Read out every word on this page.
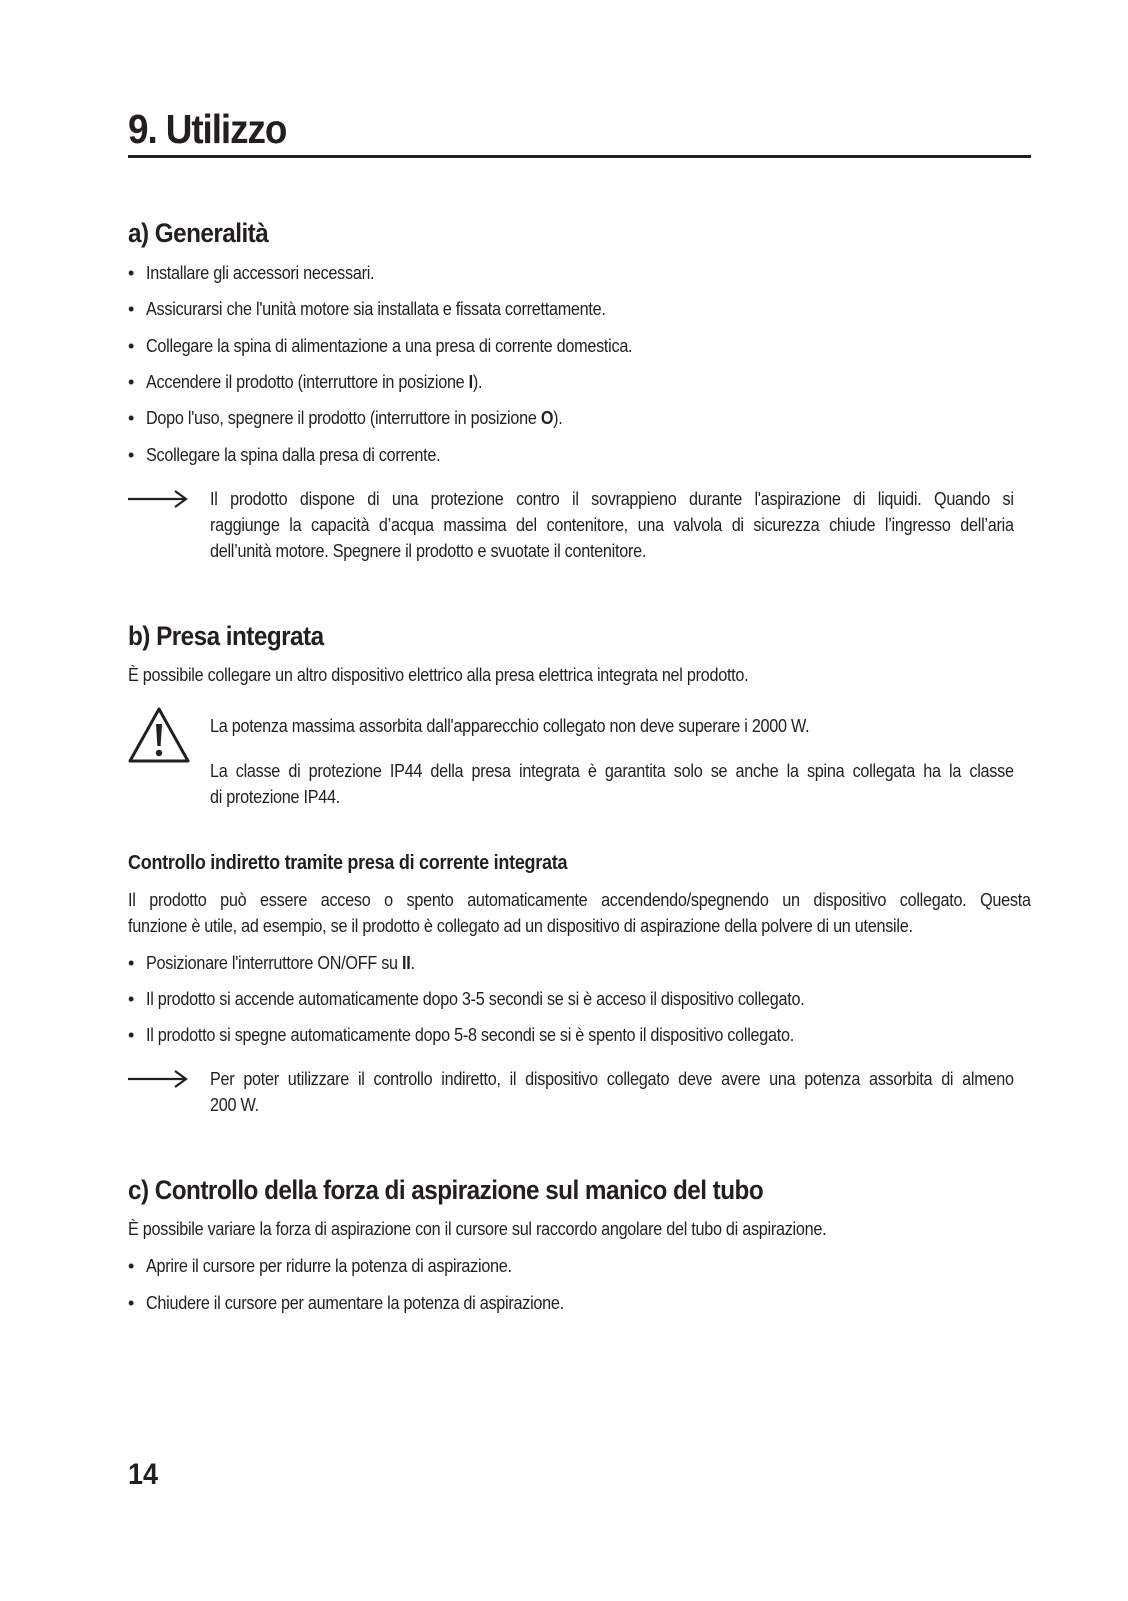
9. Utilizzo
a) Generalità
• Installare gli accessori necessari.
• Assicurarsi che l'unità motore sia installata e fissata correttamente.
• Collegare la spina di alimentazione a una presa di corrente domestica.
• Accendere il prodotto (interruttore in posizione I).
• Dopo l'uso, spegnere il prodotto (interruttore in posizione O).
• Scollegare la spina dalla presa di corrente.
Il prodotto dispone di una protezione contro il sovrappieno durante l'aspirazione di liquidi. Quando si
raggiunge la capacità d’acqua massima del contenitore, una valvola di sicurezza chiude l’ingresso dell’aria
dell’unità motore. Spegnere il prodotto e svuotate il contenitore.
b) Presa integrata
È possibile collegare un altro dispositivo elettrico alla presa elettrica integrata nel prodotto.
La potenza massima assorbita dall'apparecchio collegato non deve superare i 2000 W.
La classe di protezione IP44 della presa integrata è garantita solo se anche la spina collegata ha la classe
di protezione IP44.
Controllo indiretto tramite presa di corrente integrata
Il prodotto può essere acceso o spento automaticamente accendendo/spegnendo un dispositivo collegato. Questa
funzione è utile, ad esempio, se il prodotto è collegato ad un dispositivo di aspirazione della polvere di un utensile.
• Posizionare l'interruttore ON/OFF su II.
• Il prodotto si accende automaticamente dopo 3-5 secondi se si è acceso il dispositivo collegato.
• Il prodotto si spegne automaticamente dopo 5-8 secondi se si è spento il dispositivo collegato.
Per poter utilizzare il controllo indiretto, il dispositivo collegato deve avere una potenza assorbita di almeno
200 W.
c) Controllo della forza di aspirazione sul manico del tubo
È possibile variare la forza di aspirazione con il cursore sul raccordo angolare del tubo di aspirazione.
• Aprire il cursore per ridurre la potenza di aspirazione.
• Chiudere il cursore per aumentare la potenza di aspirazione.
14
